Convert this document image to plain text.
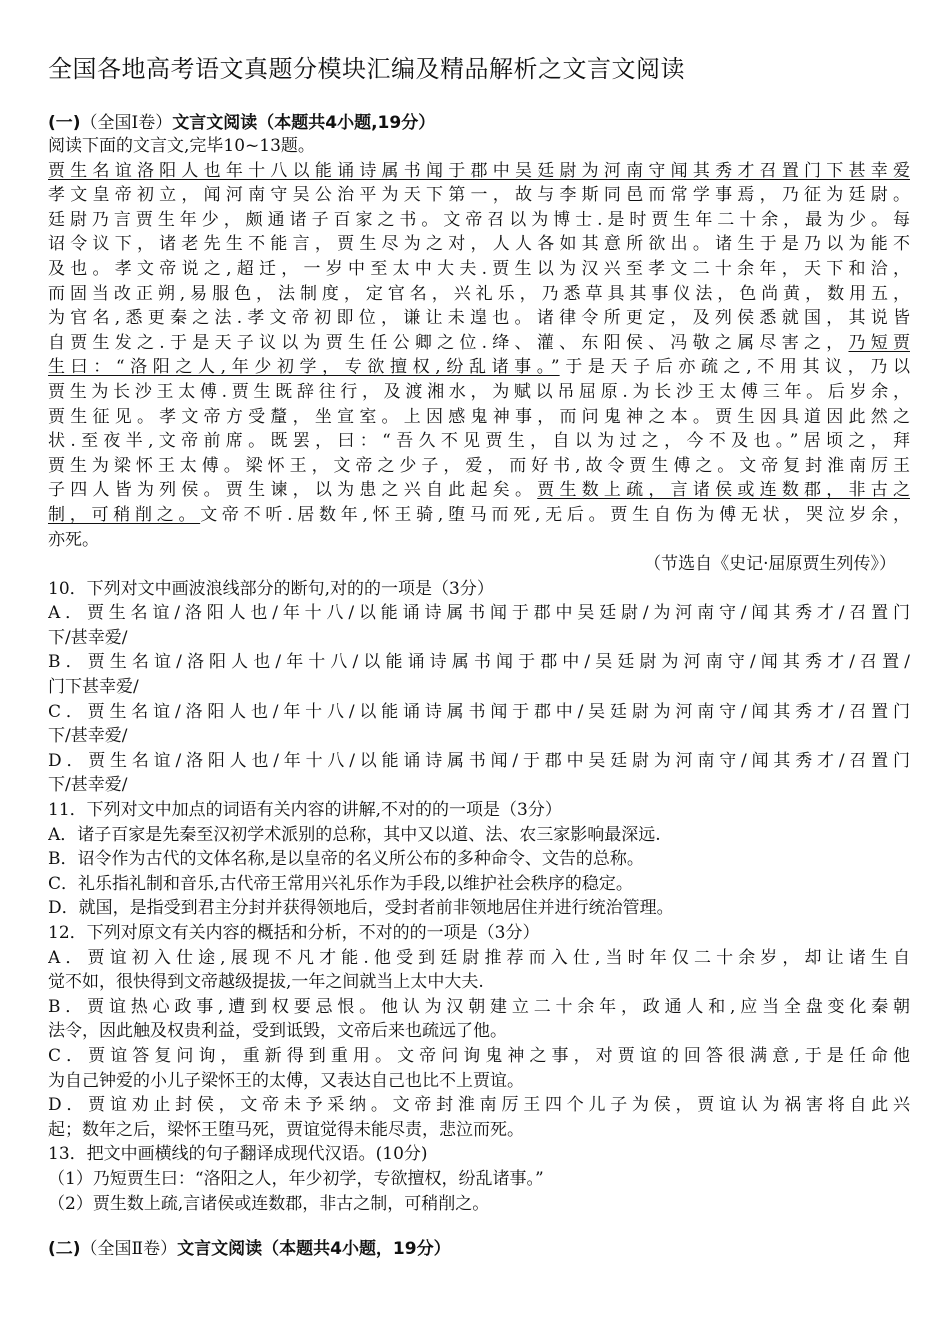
全国各地高考语文真题分模块汇编及精品解析之文言文阅读
(一)（全国Ⅰ卷）文言文阅读（本题共4小题,19分）
阅读下面的文言文,完毕10~13题。
贾生名谊洛阳人也年十八以能诵诗属书闻于郡中吴廷尉为河南守闻其秀才召置门下甚幸爱
孝文皇帝初立，闻河南守吴公治平为天下第一，故与李斯同邑而常学事焉，乃征为廷尉。
廷尉乃言贾生年少，颇通诸子百家之书。文帝召以为博士.是时贾生年二十余，最为少。每
诏令议下，诸老先生不能言，贾生尽为之对，人人各如其意所欲出。诸生于是乃以为能不
及也。孝文帝说之,超迁，一岁中至太中大夫.贾生以为汉兴至孝文二十余年，天下和洽，
而固当改正朔,易服色，法制度，定官名，兴礼乐，乃悉草具其事仪法，色尚黄，数用五，
为官名,悉更秦之法.孝文帝初即位，谦让未遑也。诸律令所更定，及列侯悉就国，其说皆
自贾生发之.于是天子议以为贾生任公卿之位.绛、灌、东阳侯、冯敬之属尽害之，乃短贾
生曰：“洛阳之人,年少初学，专欲擅权,纷乱诸事。”于是天子后亦疏之,不用其议，乃以
贾生为长沙王太傅.贾生既辞往行，及渡湘水，为赋以吊屈原.为长沙王太傅三年。后岁余，
贾生征见。孝文帝方受釐，坐宣室。上因感鬼神事，而问鬼神之本。贾生因具道因此然之
状.至夜半,文帝前席。既罢，曰：“吾久不见贾生，自以为过之，今不及也。”居顷之，拜
贾生为梁怀王太傅。梁怀王，文帝之少子，爱，而好书,故令贾生傅之。文帝复封淮南厉王
子四人皆为列侯。贾生谏，以为患之兴自此起矣。贾生数上疏，言诸侯或连数郡，非古之
制，可稍削之。文帝不听.居数年,怀王骑,堕马而死,无后。贾生自伤为傅无状，哭泣岁余，
亦死。
（节选自《史记·屈原贾生列传》）
10．下列对文中画波浪线部分的断句,对的的一项是（3分）
A．贾生名谊/洛阳人也/年十八/以能诵诗属书闻于郡中吴廷尉/为河南守/闻其秀才/召置门
下/甚幸爱/
B．贾生名谊/洛阳人也/年十八/以能诵诗属书闻于郡中/吴廷尉为河南守/闻其秀才/召置/
门下甚幸爱/
C．贾生名谊/洛阳人也/年十八/以能诵诗属书闻于郡中/吴廷尉为河南守/闻其秀才/召置门
下/甚幸爱/
D．贾生名谊/洛阳人也/年十八/以能诵诗属书闻/于郡中吴廷尉为河南守/闻其秀才/召置门
下/甚幸爱/
11．下列对文中加点的词语有关内容的讲解,不对的的一项是（3分）
A．诸子百家是先秦至汉初学术派别的总称，其中又以道、法、农三家影响最深远.
B．诏令作为古代的文体名称,是以皇帝的名义所公布的多种命令、文告的总称。
C．礼乐指礼制和音乐,古代帝王常用兴礼乐作为手段,以维护社会秩序的稳定。
D．就国，是指受到君主分封并获得领地后，受封者前非领地居住并进行统治管理。
12．下列对原文有关内容的概括和分析，不对的的一项是（3分）
A．贾谊初入仕途,展现不凡才能.他受到廷尉推荐而入仕,当时年仅二十余岁，却让诸生自
觉不如，很快得到文帝越级提拔,一年之间就当上太中大夫.
B．贾谊热心政事,遭到权要忌恨。他认为汉朝建立二十余年，政通人和,应当全盘变化秦朝
法令，因此触及权贵利益，受到诋毁，文帝后来也疏远了他。
C．贾谊答复问询，重新得到重用。文帝问询鬼神之事，对贾谊的回答很满意,于是任命他
为自己钟爱的小儿子梁怀王的太傅，又表达自己也比不上贾谊。
D．贾谊劝止封侯，文帝未予采纳。文帝封淮南厉王四个儿子为侯，贾谊认为祸害将自此兴
起；数年之后，梁怀王堕马死，贾谊觉得未能尽责，悲泣而死。
13．把文中画横线的句子翻译成现代汉语。(10分)
（1）乃短贾生曰：“洛阳之人，年少初学，专欲擅权，纷乱诸事。”
（2）贾生数上疏,言诸侯或连数郡，非古之制，可稍削之。
(二)（全国Ⅱ卷）文言文阅读（本题共4小题，19分）
